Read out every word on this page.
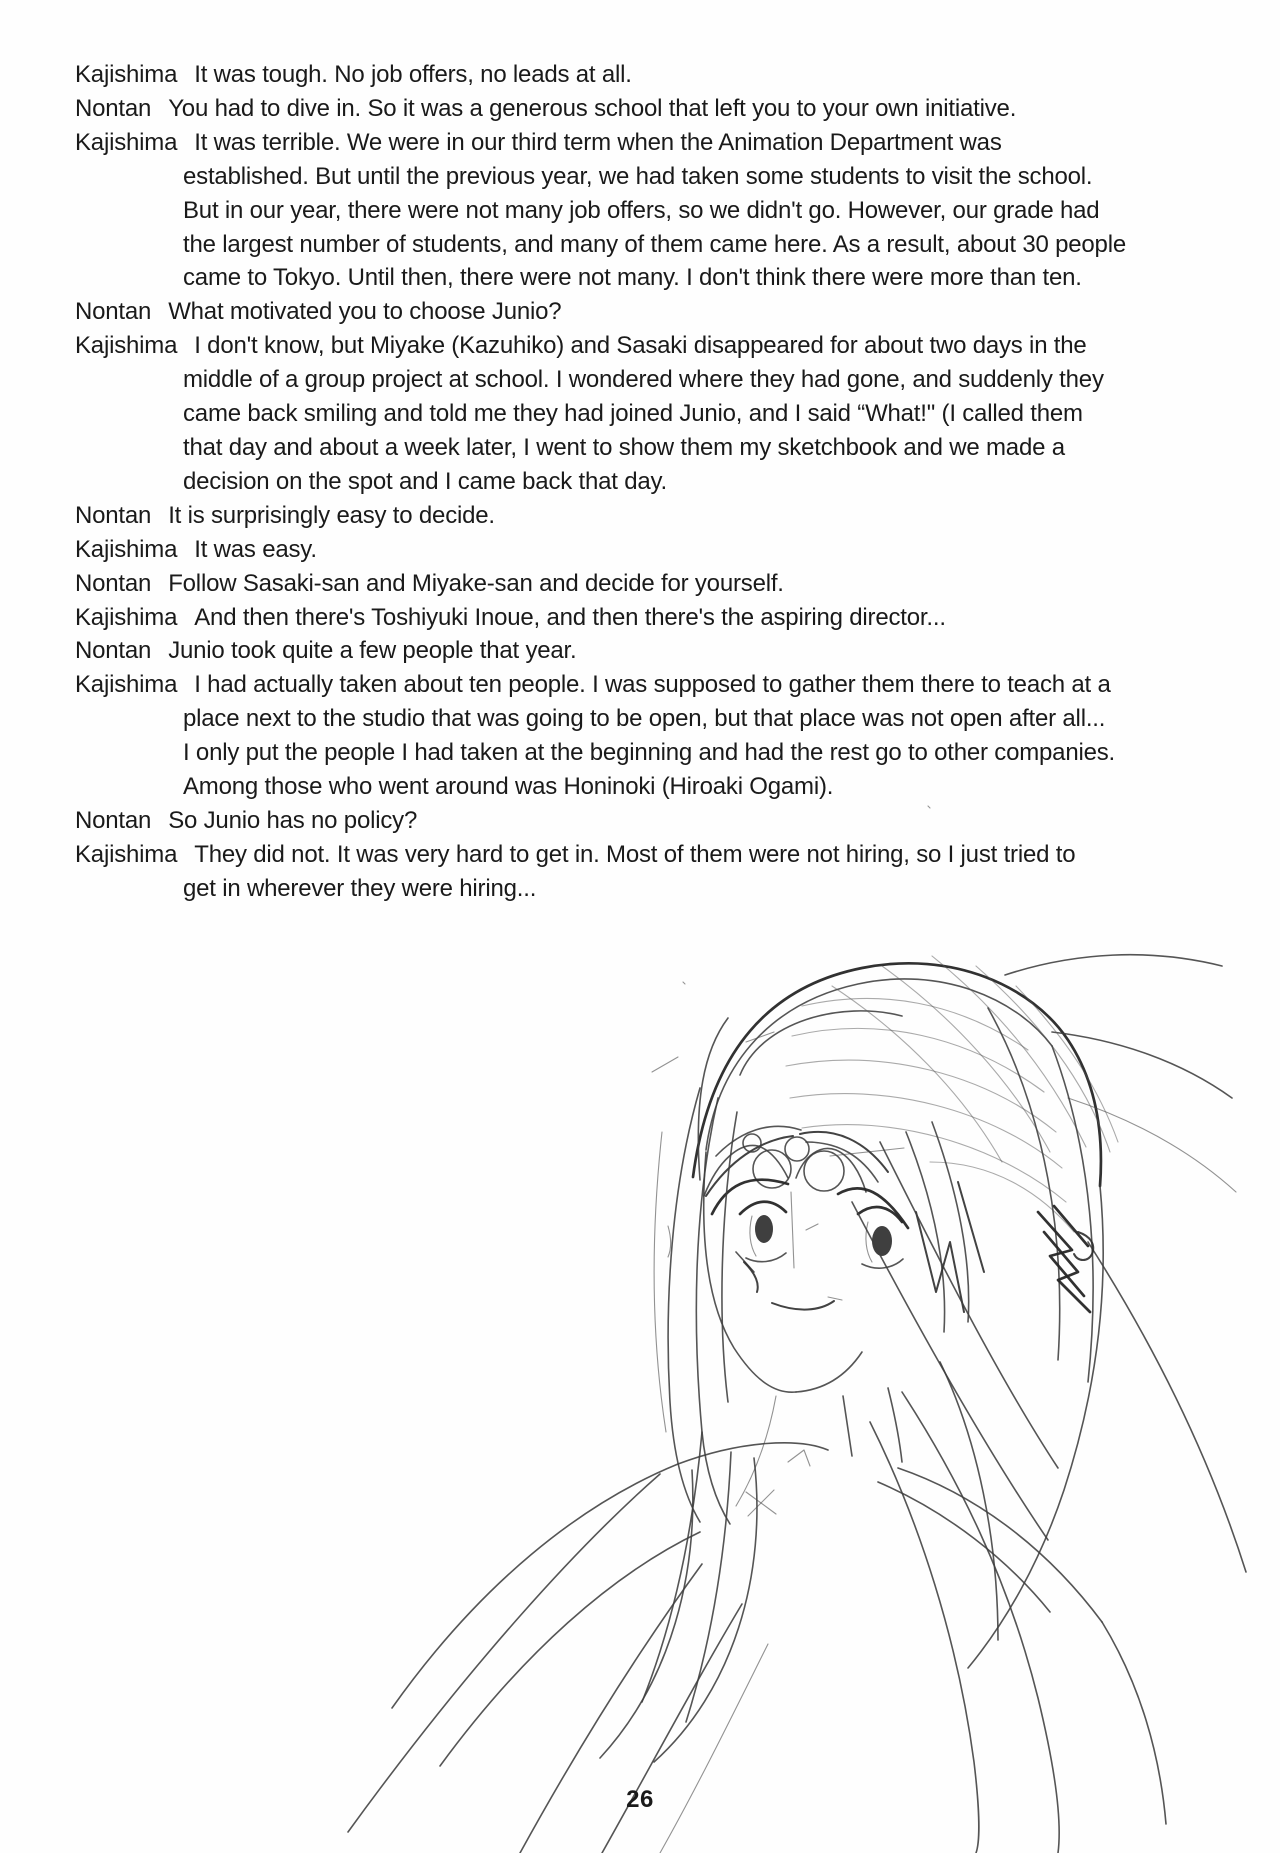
Kajishima It was tough. No job offers, no leads at all.
Nontan You had to dive in. So it was a generous school that left you to your own initiative.
Kajishima It was terrible. We were in our third term when the Animation Department was
established. But until the previous year, we had taken some students to visit the school.
But in our year, there were not many job offers, so we didn't go. However, our grade had
the largest number of students, and many of them came here. As a result, about 30 people
came to Tokyo. Until then, there were not many. I don't think there were more than ten.
Nontan What motivated you to choose Junio?
Kajishima I don't know, but Miyake (Kazuhiko) and Sasaki disappeared for about two days in the
middle of a group project at school. I wondered where they had gone, and suddenly they
came back smiling and told me they had joined Junio, and I said “What!" (I called them
that day and about a week later, I went to show them my sketchbook and we made a
decision on the spot and I came back that day.
Nontan It is surprisingly easy to decide.
Kajishima It was easy.
Nontan Follow Sasaki-san and Miyake-san and decide for yourself.
Kajishima And then there's Toshiyuki Inoue, and then there's the aspiring director...
Nontan Junio took quite a few people that year.
Kajishima I had actually taken about ten people. I was supposed to gather them there to teach at a
place next to the studio that was going to be open, but that place was not open after all...
I only put the people I had taken at the beginning and had the rest go to other companies.
Among those who went around was Honinoki (Hiroaki Ogami).
Nontan So Junio has no policy?
Kajishima They did not. It was very hard to get in. Most of them were not hiring, so I just tried to
get in wherever they were hiring...
26
